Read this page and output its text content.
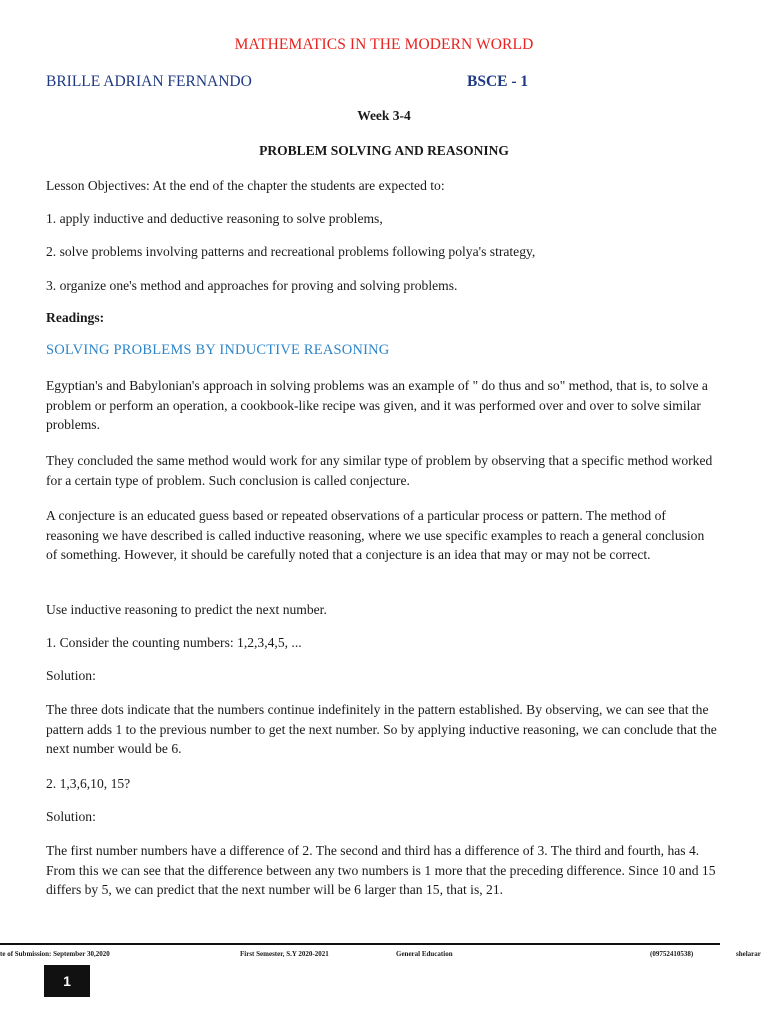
MATHEMATICS IN THE MODERN WORLD
BRILLE ADRIAN FERNANDO	BSCE - 1
Week 3-4
PROBLEM SOLVING AND REASONING

Lesson Objectives: At the end of the chapter the students are expected to:

1. apply inductive and deductive reasoning to solve problems,

2. solve problems involving patterns and recreational problems following polya's strategy,

3. organize one's method and approaches for proving and solving problems.

Readings:
SOLVING PROBLEMS BY INDUCTIVE REASONING

Egyptian's and Babylonian's approach in solving problems was an example of " do thus and so" method, that is, to solve a problem or perform an operation, a cookbook-like recipe was given, and it was performed over and over to solve similar problems.

They concluded the same method would work for any similar type of problem by observing that a specific method worked for a certain type of problem. Such conclusion is called conjecture.

A conjecture is an educated guess based or repeated observations of a particular process or pattern. The method of reasoning we have described is called inductive reasoning, where we use specific examples to reach a general conclusion of something. However, it should be carefully noted that a conjecture is an idea that may or may not be correct.

Use inductive reasoning to predict the next number.

1. Consider the counting numbers: 1,2,3,4,5, ...

Solution:

The three dots indicate that the numbers continue indefinitely in the pattern established. By observing, we can see that the pattern adds 1 to the previous number to get the next number. So by applying inductive reasoning, we can conclude that the next number would be 6.

2. 1,3,6,10, 15?

Solution:

The first number numbers have a difference of 2. The second and third has a difference of 3. The third and fourth, has 4. From this we can see that the difference between any two numbers is 1 more that the preceding difference. Since 10 and 15 differs by 5, we can predict that the next number will be 6 larger than 15, that is, 21.

te of Submission: September 30,2020	First Semester, S.Y 2020-2021	General Education	(09752410538)	shelarar
1
